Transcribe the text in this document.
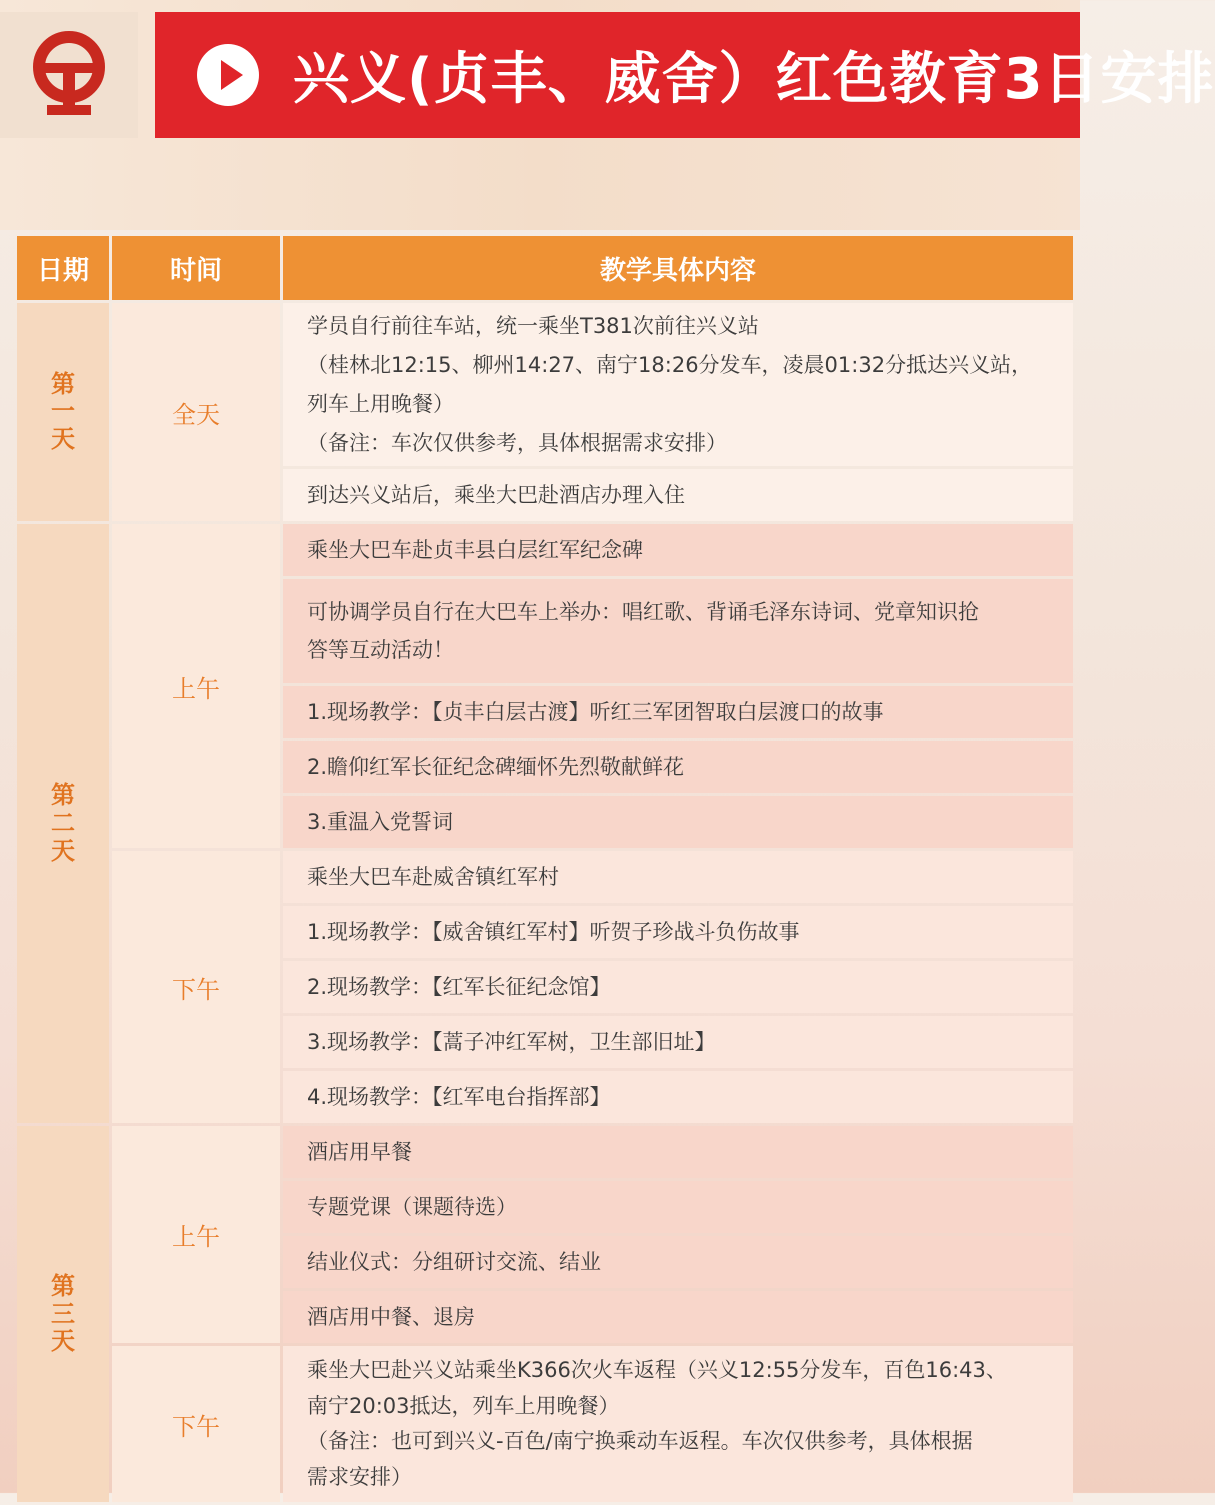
兴义(贞丰、威舍）红色教育3日安排
日期	时间	教学具体内容
第一天	全天	学员自行前往车站，统一乘坐T381次前往兴义站
（桂林北12:15、柳州14:27、南宁18:26分发车，凌晨01:32分抵达兴义站，
列车上用晚餐）
（备注：车次仅供参考，具体根据需求安排）

		到达兴义站后，乘坐大巴赴酒店办理入住

第二天	上午	乘坐大巴车赴贞丰县白层红军纪念碑

		可协调学员自行在大巴车上举办：唱红歌、背诵毛泽东诗词、党章知识抢
答等互动活动！

		1.现场教学：【贞丰白层古渡】听红三军团智取白层渡口的故事

		2.瞻仰红军长征纪念碑缅怀先烈敬献鲜花

		3.重温入党誓词

	下午	乘坐大巴车赴威舍镇红军村

		1.现场教学：【威舍镇红军村】听贺子珍战斗负伤故事

		2.现场教学：【红军长征纪念馆】

		3.现场教学：【蒿子冲红军树，卫生部旧址】

		4.现场教学：【红军电台指挥部】

第三天	上午	酒店用早餐

		专题党课（课题待选）

		结业仪式：分组研讨交流、结业

		酒店用中餐、退房

	下午	乘坐大巴赴兴义站乘坐K366次火车返程（兴义12:55分发车，百色16:43、
南宁20:03抵达，列车上用晚餐）
（备注：也可到兴义-百色/南宁换乘动车返程。车次仅供参考，具体根据
需求安排）
